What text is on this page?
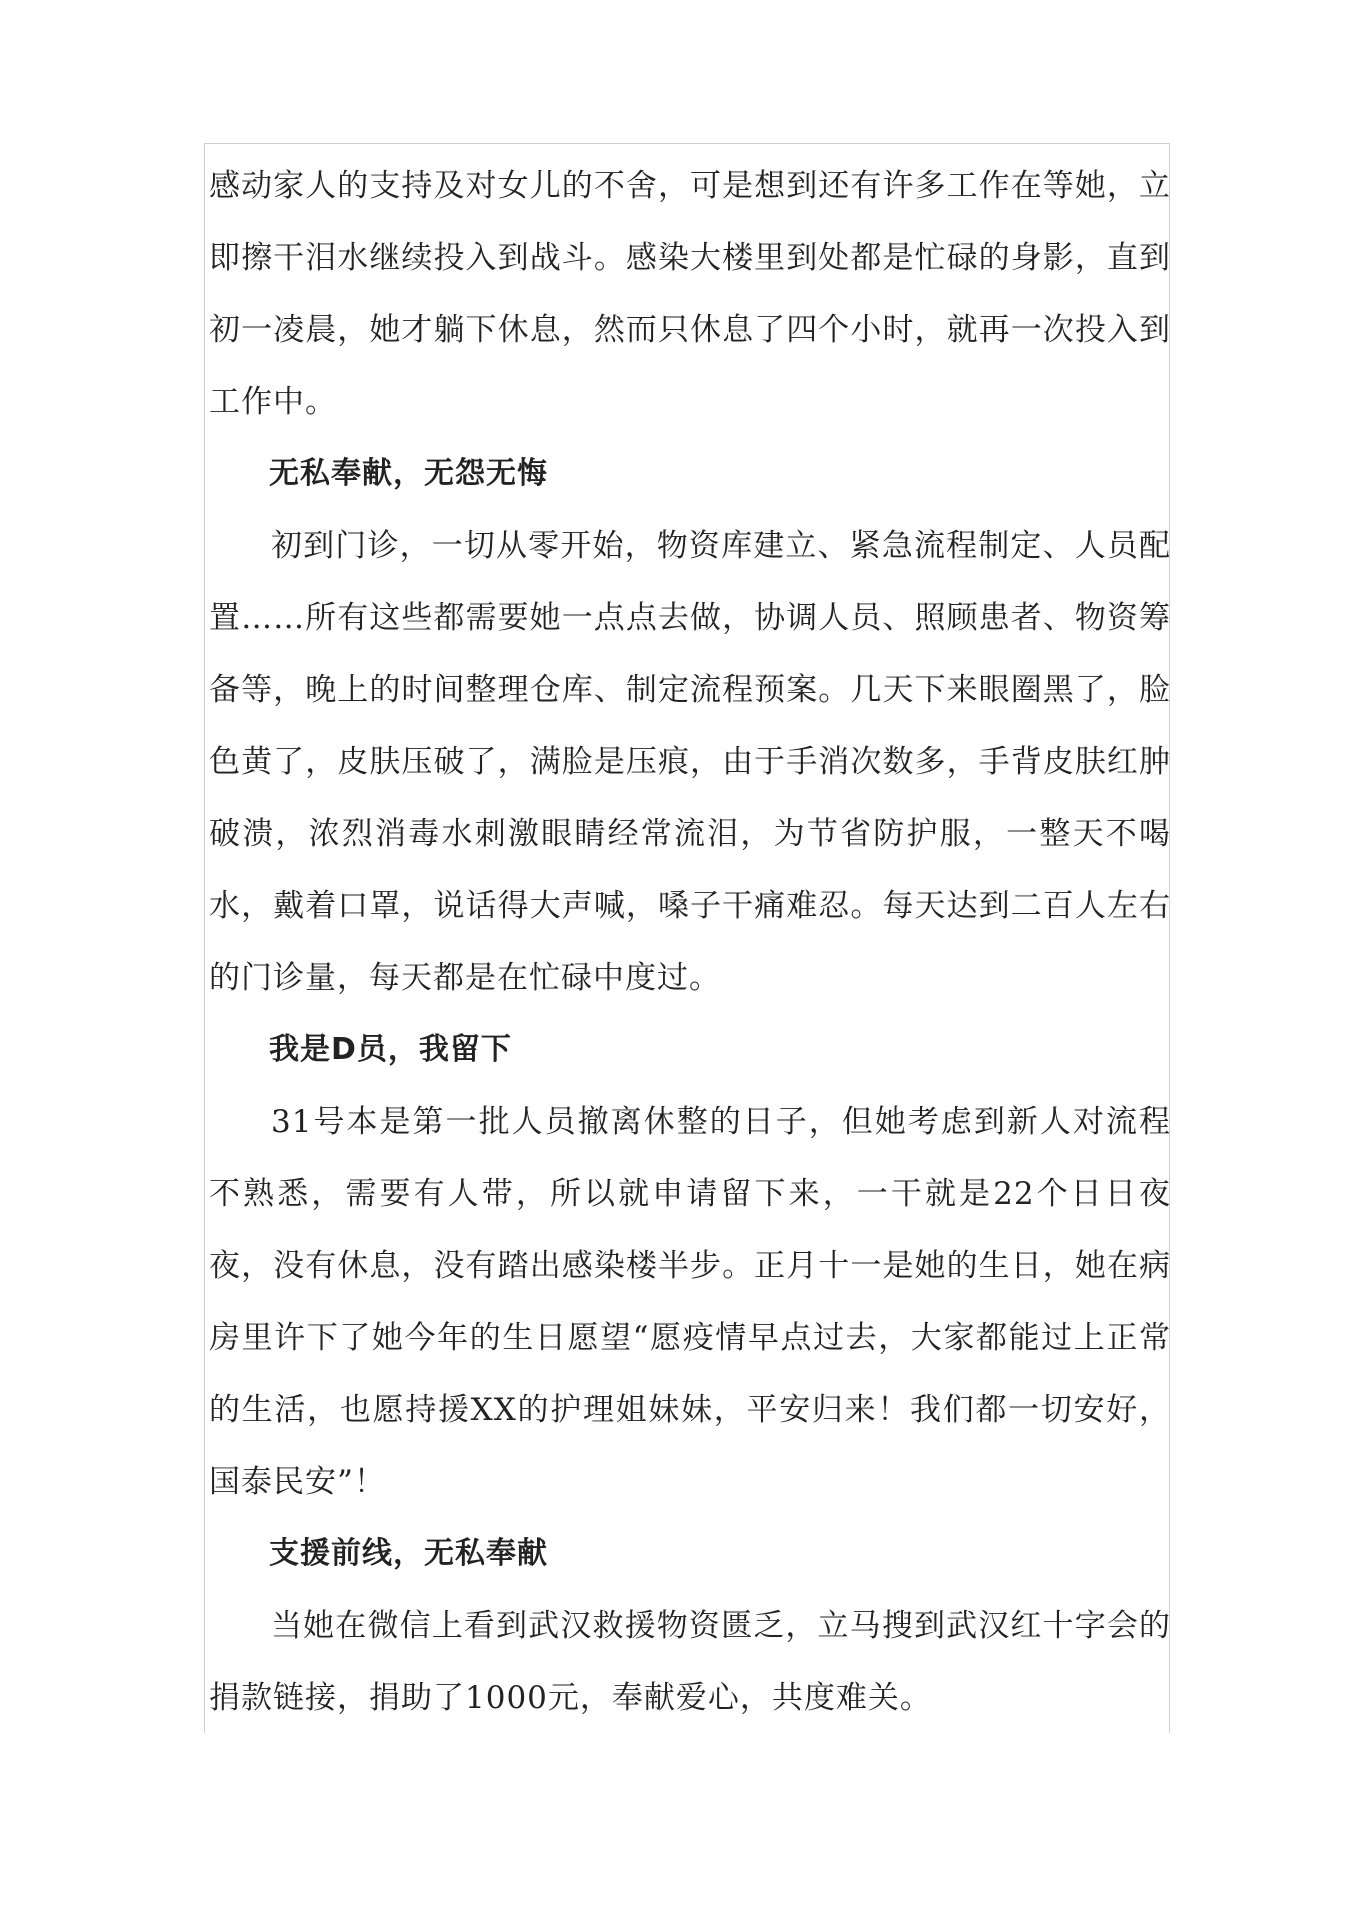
感动家人的支持及对女儿的不舍，可是想到还有许多工作在等她，立即擦干泪水继续投入到战斗。感染大楼里到处都是忙碌的身影，直到初一凌晨，她才躺下休息，然而只休息了四个小时，就再一次投入到工作中。

无私奉献，无怨无悔

初到门诊，一切从零开始，物资库建立、紧急流程制定、人员配置……所有这些都需要她一点点去做，协调人员、照顾患者、物资筹备等，晚上的时间整理仓库、制定流程预案。几天下来眼圈黑了，脸色黄了，皮肤压破了，满脸是压痕，由于手消次数多，手背皮肤红肿破溃，浓烈消毒水刺激眼睛经常流泪，为节省防护服，一整天不喝水，戴着口罩，说话得大声喊，嗓子干痛难忍。每天达到二百人左右的门诊量，每天都是在忙碌中度过。

我是D员，我留下

31号本是第一批人员撤离休整的日子，但她考虑到新人对流程不熟悉，需要有人带，所以就申请留下来，一干就是22个日日夜夜，没有休息，没有踏出感染楼半步。正月十一是她的生日，她在病房里许下了她今年的生日愿望“愿疫情早点过去，大家都能过上正常的生活，也愿持援XX的护理姐妹妹，平安归来！我们都一切安好，国泰民安”！

支援前线，无私奉献

当她在微信上看到武汉救援物资匮乏，立马搜到武汉红十字会的捐款链接，捐助了1000元，奉献爱心，共度难关。
